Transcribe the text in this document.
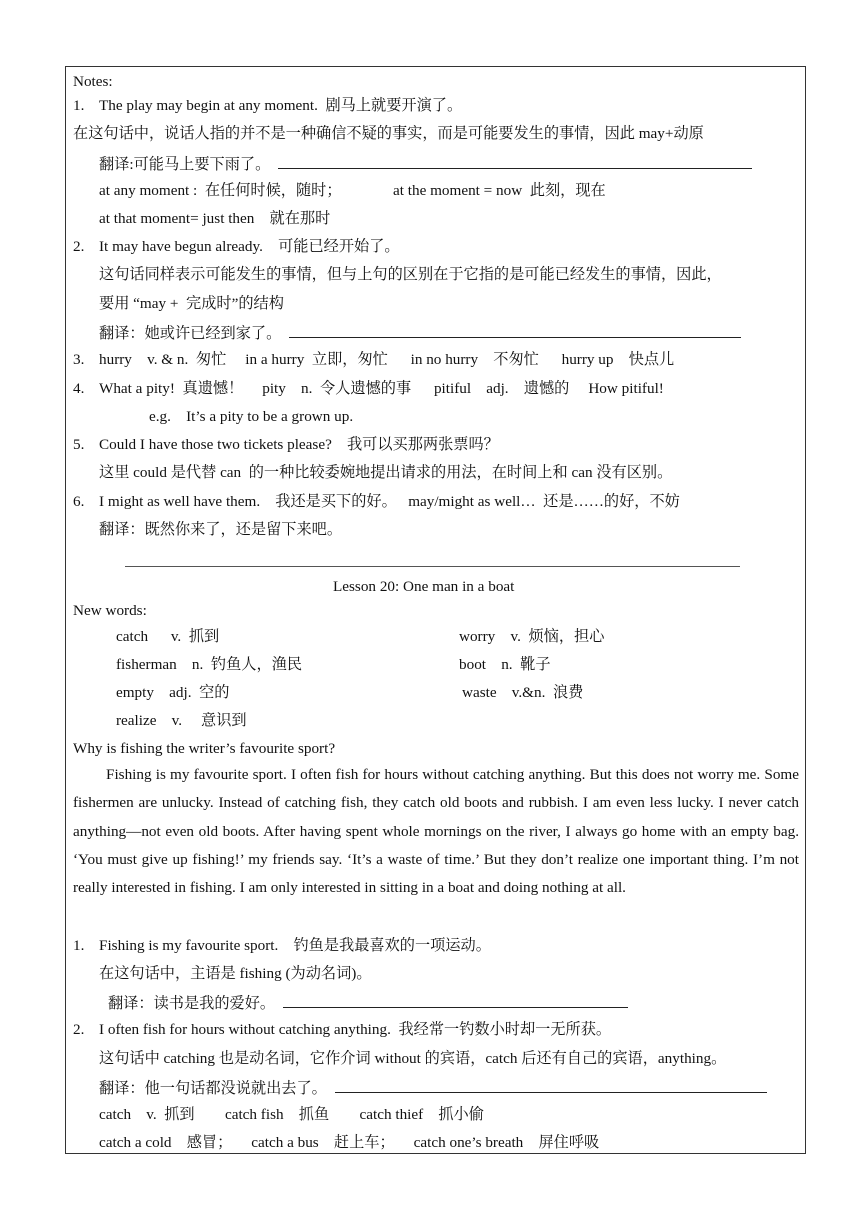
Notes:
1. The play may begin at any moment.  剧马上就要开演了。
在这句话中，说话人指的并不是一种确信不疑的事实，而是可能要发生的事情，因此 may+动原
翻译:可能马上要下雨了。
at any moment :  在任何时候，随时；	at the moment = now  此刻，现在
at that moment= just then    就在那时
2. It may have begun already.    可能已经开始了。
这句话同样表示可能发生的事情，但与上句的区别在于它指的是可能已经发生的事情，因此，
要用 “may +  完成时”的结构
翻译：她或许已经到家了。
3. hurry    v. & n.  匆忙     in a hurry  立即，匆忙      in no hurry    不匆忙      hurry up    快点儿
4. What a pity!  真遗憾！     pity    n.  令人遗憾的事      pitiful    adj.    遗憾的     How pitiful!
e.g.    It’s a pity to be a grown up.
5. Could I have those two tickets please?    我可以买那两张票吗？
这里 could 是代替 can  的一种比较委婉地提出请求的用法，在时间上和 can 没有区别。
6. I might as well have them.    我还是买下的好。   may/might as well…  还是……的好，不妨
翻译：既然你来了，还是留下来吧。
Lesson 20: One man in a boat
New words:
catch      v.  抓到	worry    v.  烦恼，担心
fisherman    n.  钓鱼人，渔民	boot    n.  靴子
empty    adj.  空的	waste    v.&n.  浪费
realize    v.     意识到
Why is fishing the writer’s favourite sport?
Fishing is my favourite sport. I often fish for hours without catching anything. But this does not worry me. Some fishermen are unlucky. Instead of catching fish, they catch old boots and rubbish. I am even less lucky. I never catch anything—not even old boots. After having spent whole mornings on the river, I always go home with an empty bag. ‘You must give up fishing!’ my friends say. ‘It’s a waste of time.’ But they don’t realize one important thing. I’m not really interested in fishing. I am only interested in sitting in a boat and doing nothing at all.
1. Fishing is my favourite sport.    钓鱼是我最喜欢的一项运动。
在这句话中，主语是 fishing (为动名词)。
翻译：读书是我的爱好。
2. I often fish for hours without catching anything.  我经常一钓数小时却一无所获。
这句话中 catching 也是动名词，它作介词 without 的宾语，catch 后还有自己的宾语，anything。
翻译：他一句话都没说就出去了。
catch    v.  抓到        catch fish    抓鱼        catch thief    抓小偷
catch a cold    感冒；     catch a bus    赶上车；     catch one’s breath    屏住呼吸
